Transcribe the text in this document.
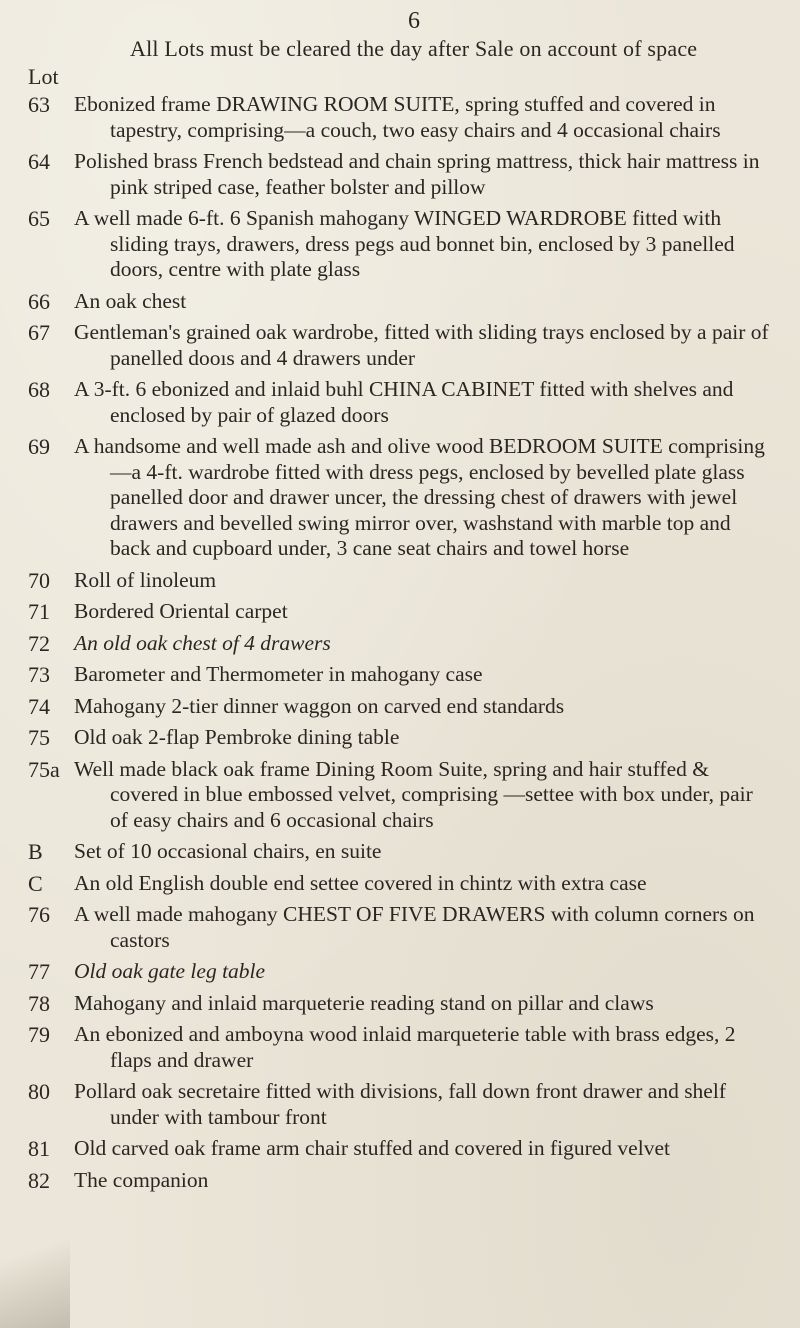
6
All Lots must be cleared the day after Sale on account of space
Lot
63	Ebonized frame DRAWING ROOM SUITE, spring stuffed and covered in tapestry, comprising—a couch, two easy chairs and 4 occasional chairs
64	Polished brass French bedstead and chain spring mattress, thick hair mattress in pink striped case, feather bolster and pillow
65	A well made 6-ft. 6 Spanish mahogany WINGED WARDROBE fitted with sliding trays, drawers, dress pegs aud bonnet bin, enclosed by 3 panelled doors, centre with plate glass
66	An oak chest
67	Gentleman's grained oak wardrobe, fitted with sliding trays enclosed by a pair of panelled dooıs and 4 drawers under
68	A 3-ft. 6 ebonized and inlaid buhl CHINA CABINET fitted with shelves and enclosed by pair of glazed doors
69	A handsome and well made ash and olive wood BEDROOM SUITE comprising—a 4-ft. wardrobe fitted with dress pegs, enclosed by bevelled plate glass panelled door and drawer uncer, the dressing chest of drawers with jewel drawers and bevelled swing mirror over, washstand with marble top and back and cupboard under, 3 cane seat chairs and towel horse
70	Roll of linoleum
71	Bordered Oriental carpet
72	An old oak chest of 4 drawers
73	Barometer and Thermometer in mahogany case
74	Mahogany 2-tier dinner waggon on carved end standards
75	Old oak 2-flap Pembroke dining table
75a Well made black oak frame Dining Room Suite, spring and hair stuffed & covered in blue embossed velvet, comprising —settee with box under, pair of easy chairs and 6 occasional chairs
B	Set of 10 occasional chairs, en suite
C	An old English double end settee covered in chintz with extra case
76	A well made mahogany CHEST OF FIVE DRAWERS with column corners on castors
77	Old oak gate leg table
78	Mahogany and inlaid marqueterie reading stand on pillar and claws
79	An ebonized and amboyna wood inlaid marqueterie table with brass edges, 2 flaps and drawer
80	Pollard oak secretaire fitted with divisions, fall down front drawer and shelf under with tambour front
81	Old carved oak frame arm chair stuffed and covered in figured velvet
82	The companion
